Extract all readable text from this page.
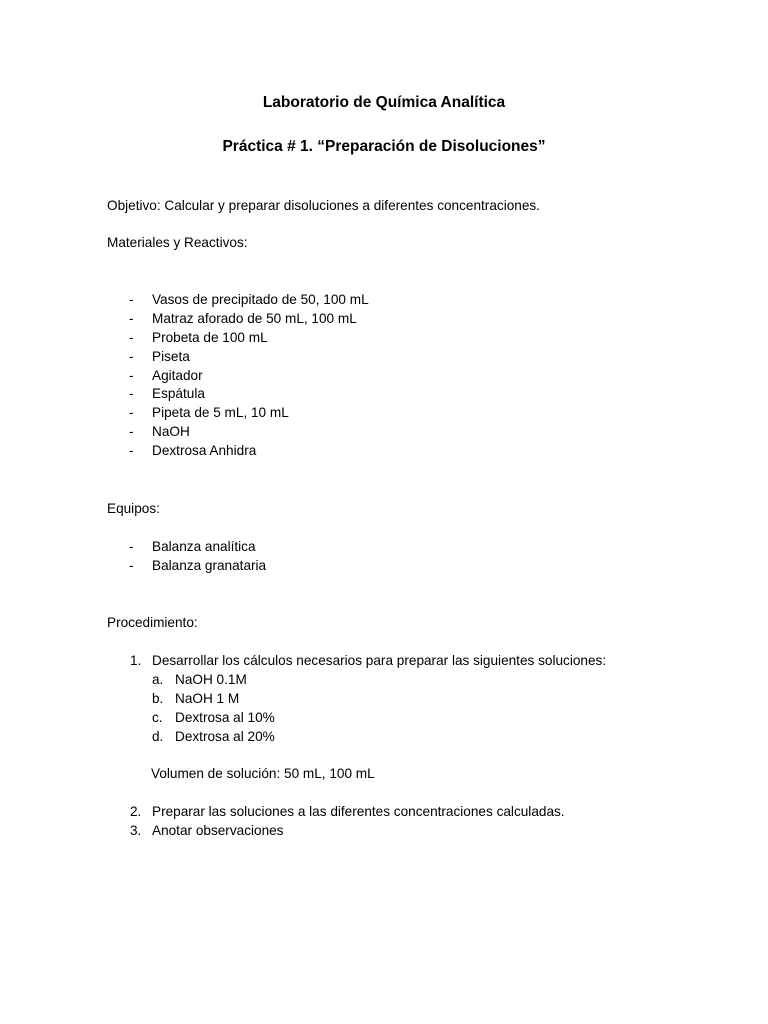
Laboratorio de Química Analítica
Práctica # 1. “Preparación de Disoluciones”
Objetivo: Calcular y preparar disoluciones a diferentes concentraciones.
Materiales y Reactivos:
- Vasos de precipitado de 50, 100 mL
- Matraz aforado de 50 mL, 100 mL
- Probeta de 100 mL
- Piseta
- Agitador
- Espátula
- Pipeta de 5 mL, 10 mL
- NaOH
- Dextrosa Anhidra
Equipos:
- Balanza analítica
- Balanza granataria
Procedimiento:
1. Desarrollar los cálculos necesarios para preparar las siguientes soluciones:
a. NaOH 0.1M
b. NaOH 1 M
c. Dextrosa al 10%
d. Dextrosa al 20%
Volumen de solución: 50 mL, 100 mL
2. Preparar las soluciones a las diferentes concentraciones calculadas.
3. Anotar observaciones
